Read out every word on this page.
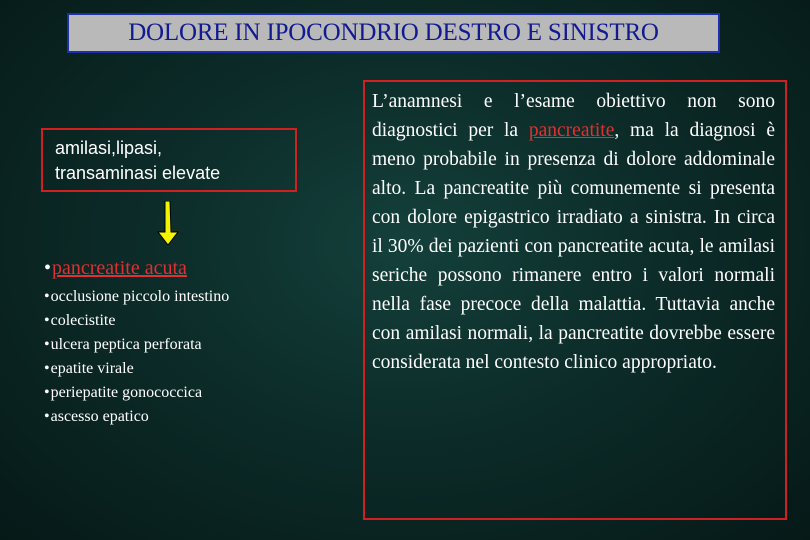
DOLORE IN IPOCONDRIO DESTRO E SINISTRO

amilasi,lipasi,

transaminasi elevate

•pancreatite acuta
•occlusione piccolo intestino
•colecistite
•ulcera peptica perforata
•epatite virale
•periepatite gonococcica
•ascesso epatico

L’anamnesi e l’esame obiettivo non sono diagnostici per la pancreatite, ma la diagnosi è meno probabile in presenza di dolore addominale alto. La pancreatite più comunemente si presenta con dolore epigastrico irradiato a sinistra. In circa il 30% dei pazienti con pancreatite acuta, le amilasi seriche possono rimanere entro i valori normali nella fase precoce della malattia. Tuttavia anche con amilasi normali, la pancreatite dovrebbe essere considerata nel contesto clinico appropriato.
